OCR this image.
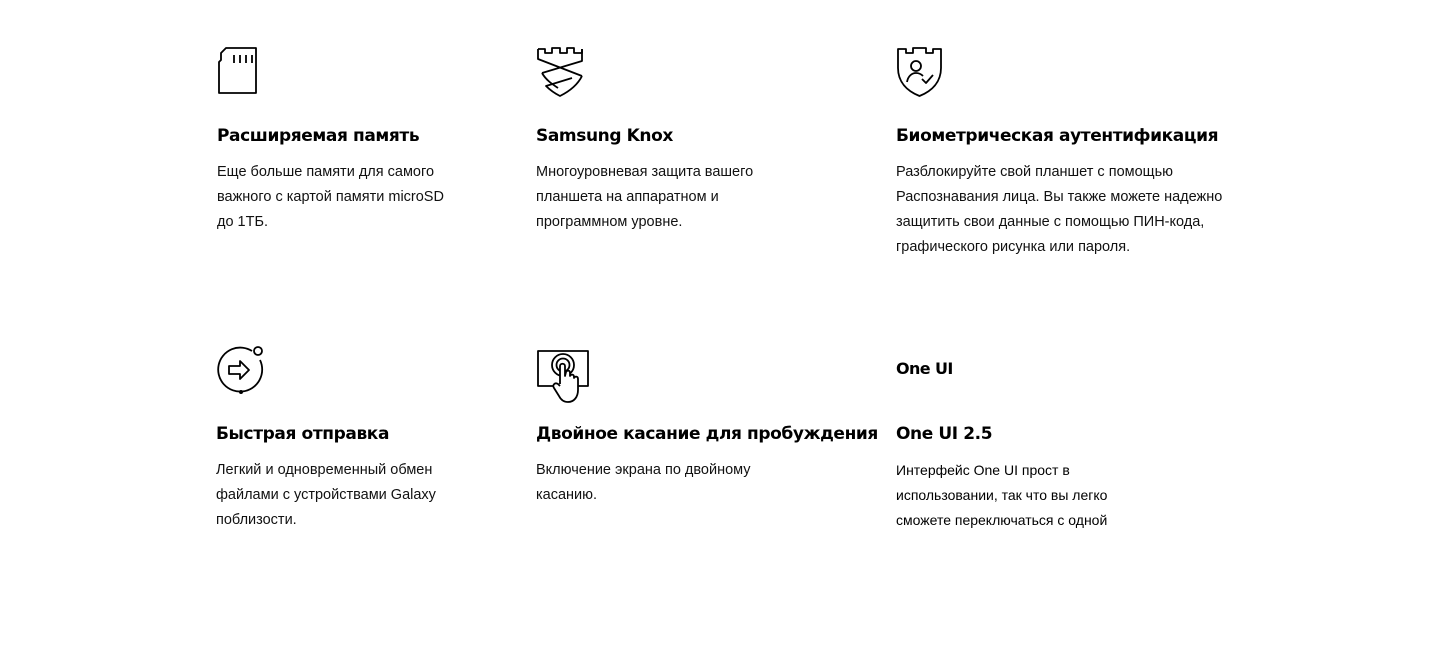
Расширяемая память

Еще больше памяти для самого важного с картой памяти microSD до 1ТБ.

Samsung Knox

Многоуровневая защита вашего планшета на аппаратном и программном уровне.

Биометрическая аутентификация

Разблокируйте свой планшет с помощью Распознавания лица. Вы также можете надежно защитить свои данные с помощью ПИН-кода, графического рисунка или пароля.

Быстрая отправка

Легкий и одновременный обмен файлами с устройствами Galaxy поблизости.

Двойное касание для пробуждения

Включение экрана по двойному касанию.

One UI
One UI 2.5

Интерфейс One UI прост в использовании, так что вы легко сможете переключаться с одной
